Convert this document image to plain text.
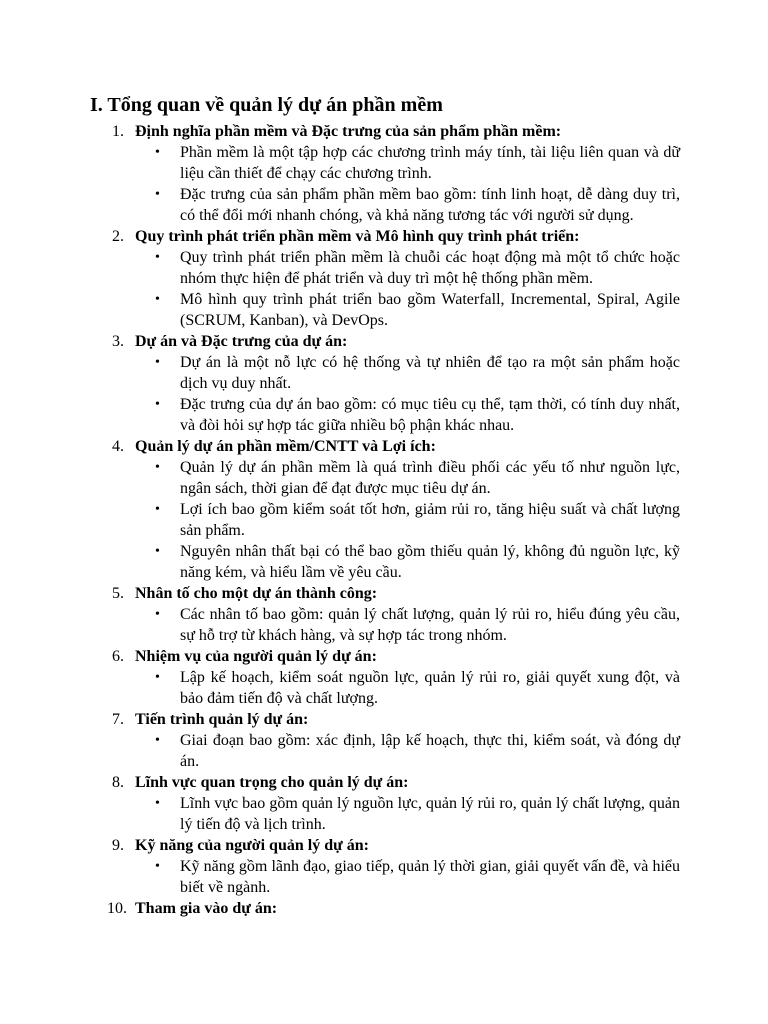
I. Tổng quan về quản lý dự án phần mềm
1. Định nghĩa phần mềm và Đặc trưng của sản phẩm phần mềm:
• Phần mềm là một tập hợp các chương trình máy tính, tài liệu liên quan và dữ liệu cần thiết để chạy các chương trình.
• Đặc trưng của sản phẩm phần mềm bao gồm: tính linh hoạt, dễ dàng duy trì, có thể đổi mới nhanh chóng, và khả năng tương tác với người sử dụng.
2. Quy trình phát triển phần mềm và Mô hình quy trình phát triển:
• Quy trình phát triển phần mềm là chuỗi các hoạt động mà một tổ chức hoặc nhóm thực hiện để phát triển và duy trì một hệ thống phần mềm.
• Mô hình quy trình phát triển bao gồm Waterfall, Incremental, Spiral, Agile (SCRUM, Kanban), và DevOps.
3. Dự án và Đặc trưng của dự án:
• Dự án là một nỗ lực có hệ thống và tự nhiên để tạo ra một sản phẩm hoặc dịch vụ duy nhất.
• Đặc trưng của dự án bao gồm: có mục tiêu cụ thể, tạm thời, có tính duy nhất, và đòi hỏi sự hợp tác giữa nhiều bộ phận khác nhau.
4. Quản lý dự án phần mềm/CNTT và Lợi ích:
• Quản lý dự án phần mềm là quá trình điều phối các yếu tố như nguồn lực, ngân sách, thời gian để đạt được mục tiêu dự án.
• Lợi ích bao gồm kiểm soát tốt hơn, giảm rủi ro, tăng hiệu suất và chất lượng sản phẩm.
• Nguyên nhân thất bại có thể bao gồm thiếu quản lý, không đủ nguồn lực, kỹ năng kém, và hiểu lầm về yêu cầu.
5. Nhân tố cho một dự án thành công:
• Các nhân tố bao gồm: quản lý chất lượng, quản lý rủi ro, hiểu đúng yêu cầu, sự hỗ trợ từ khách hàng, và sự hợp tác trong nhóm.
6. Nhiệm vụ của người quản lý dự án:
• Lập kế hoạch, kiểm soát nguồn lực, quản lý rủi ro, giải quyết xung đột, và bảo đảm tiến độ và chất lượng.
7. Tiến trình quản lý dự án:
• Giai đoạn bao gồm: xác định, lập kế hoạch, thực thi, kiểm soát, và đóng dự án.
8. Lĩnh vực quan trọng cho quản lý dự án:
• Lĩnh vực bao gồm quản lý nguồn lực, quản lý rủi ro, quản lý chất lượng, quản lý tiến độ và lịch trình.
9. Kỹ năng của người quản lý dự án:
• Kỹ năng gồm lãnh đạo, giao tiếp, quản lý thời gian, giải quyết vấn đề, và hiểu biết về ngành.
10. Tham gia vào dự án:
